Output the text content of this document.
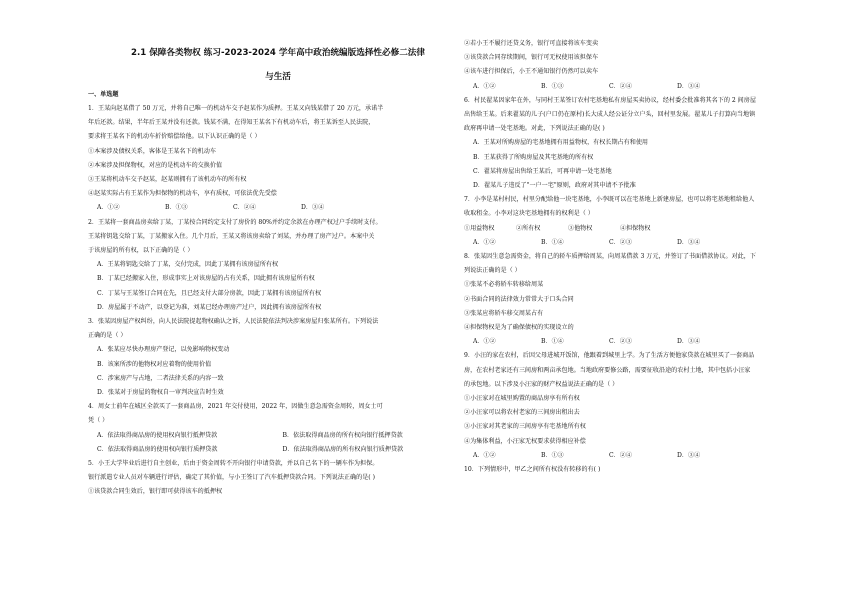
2.1 保障各类物权 练习-2023-2024 学年高中政治统编版选择性必修二法律

与生活

一、单选题

1．王某向赵某借了 50 万元，并将自己唯一的机动车交予赵某作为质押。王某又向钱某借了 20 万元，承诺半

年后还款。结果，半年后王某并没有还款。钱某不满，在得知王某名下有机动车后，将王某诉至人民法院，

要求将王某名下的机动车折价赔偿给他。以下认识正确的是（ ）

①本案涉及债权关系，客体是王某名下的机动车

②本案涉及担保物权，对应的是机动车的交换价值

③王某将机动车交予赵某，赵某则拥有了该机动车的所有权

④赵某实际占有王某作为担保物的机动车，享有质权，可依法优先受偿

A．①②	B．①③	C．②④	D．③④

2．王某将一套商品房卖给丁某，丁某按合同约定支付了房价的 80%并约定余款在办理产权过户手续时支付。

王某将钥匙交给丁某，丁某搬家入住。几个月后，王某又将该房卖给了刘某，并办理了房产过户。本案中关

于该房屋的所有权，以下正确的是（ ）

A．王某将钥匙交给了丁某，交付完成，因此丁某拥有该房屋所有权

B．丁某已经搬家入住，形成事实上对该房屋的占有关系，因此拥有该房屋所有权

C．丁某与王某签订合同在先，且已经支付大部分房款，因此丁某拥有该房屋所有权

D．房屋属于不动产，以登记为准，刘某已经办理房产过户，因此拥有该房屋所有权

3．张某因房屋产权纠纷，向人民法院提起物权确认之诉，人民法院依法判决涉案房屋归张某所有。下列说法

正确的是（ ）

A．张某应尽快办理房产登记，以免影响物权变动

B．该案所涉的他物权对应着物的使用价值

C．涉案房产与占地，二者法律关系的内容一致

D．张某对于房屋的物权自一审判决宣告时生效

4．周女士前年在城区全款买了一套商品房，2021 年交付使用，2022 年，因做生意急需资金周转，周女士可

凭（ ）

A．依法取得商品房的使用权向银行抵押贷款	B．依法取得商品房的所有权向银行抵押贷款
C．依法取得商品房的使用权向银行质押贷款	D．依法取得商品房的所有权向银行质押贷款

5．小王大学毕业后进行自主创业，后由于资金周转不开向银行申请贷款，并以自己名下的一辆车作为担保。

银行派遣专业人员对车辆进行评估，确定了其价值，与小王签订了汽车抵押贷款合同。下列说法正确的是( )

①该贷款合同生效后，银行即可获得该车的抵押权

②若小王不履行还贷义务，银行可直接将该车变卖

③该贷款合同存续期间，银行可无权使用该担保车

④该车进行担保后，小王不通知银行仍然可以卖车

A．①②	B．①③	C．②④	D．③④

6．村民翟某因家年在外，与同村王某签订农村宅基地私有房屋买卖协议，经村委会批准将其名下的 2 间房屋

出售给王某。后来翟某的儿子(户口仍在原村)长大成人经公证分立户头，回村里发展。翟某儿子打算向当地镇

政府再申请一处宅基地。对此，下列说法正确的是( )

A．王某对所购房屋的宅基地拥有用益物权，有权长期占有和使用

B．王某获得了所购房屋及其宅基地的所有权

C．翟某将房屋出售给王某后，可再申请一处宅基地

D．翟某儿子违反了"一户一宅"原则，政府对其申请不予批准

7．小李是某村村民，村里分配给他一块宅基地，小李既可以在宅基地上新建房屋，也可以将宅基地租给他人

收取租金。小李对这块宅基地拥有的权利是（ ）

①用益物权	②所有权	③他物权	④担保物权
A．①②	B．①④	C．②③	D．③④

8．张某因生意急需资金，将自己的轿车质押给周某，向周某借款 3 万元，并签订了书面借款协议。对此，下

列说法正确的是（ ）

①张某不必将轿车转移给周某

②书面合同的法律效力常常大于口头合同

③张某应将轿车移交周某占有

④担保物权是为了确保债权的实现设立的

A．①②	B．①④	C．②③	D．③④

9．小汪的家在农村，后因父母进城开饭馆，他跟着到城里上学。为了生活方便他家贷款在城里买了一套商品

房，在农村老家还有三间房和两亩承包地。当地政府要修公路，需要征收沿途的农村土地，其中包括小汪家

的承包地。以下涉及小汪家的财产权益说法正确的是（ ）

①小汪家对在城里购置的商品房享有所有权

②小汪家可以将农村老家的三间房出租出去

③小汪家对其老家的三间房享有宅基地所有权

④为集体利益，小汪家无权要求获得相应补偿

A．①②	B．①③	C．②④	D．③④

10．下列情形中，甲乙之间所有权没有转移的有( )
